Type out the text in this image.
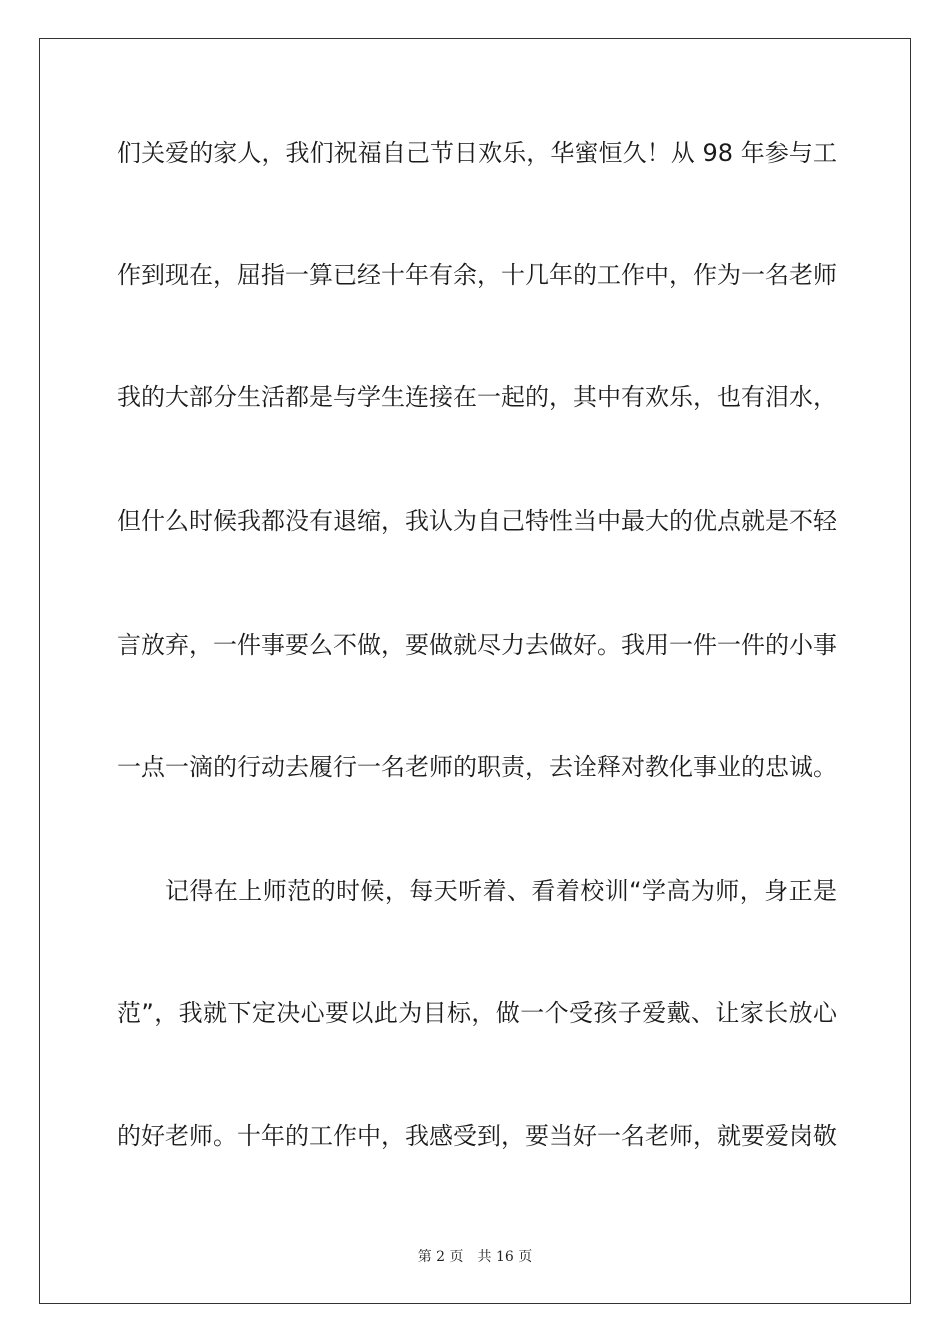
们关爱的家人，我们祝福自己节日欢乐，华蜜恒久！从 98 年参与工
作到现在，屈指一算已经十年有余，十几年的工作中，作为一名老师
我的大部分生活都是与学生连接在一起的，其中有欢乐，也有泪水，
但什么时候我都没有退缩，我认为自己特性当中最大的优点就是不轻
言放弃，一件事要么不做，要做就尽力去做好。我用一件一件的小事
一点一滴的行动去履行一名老师的职责，去诠释对教化事业的忠诚。
记得在上师范的时候，每天听着、看着校训“学高为师，身正是
范”，我就下定决心要以此为目标，做一个受孩子爱戴、让家长放心
的好老师。十年的工作中，我感受到，要当好一名老师，就要爱岗敬
第 2 页 共 16 页
